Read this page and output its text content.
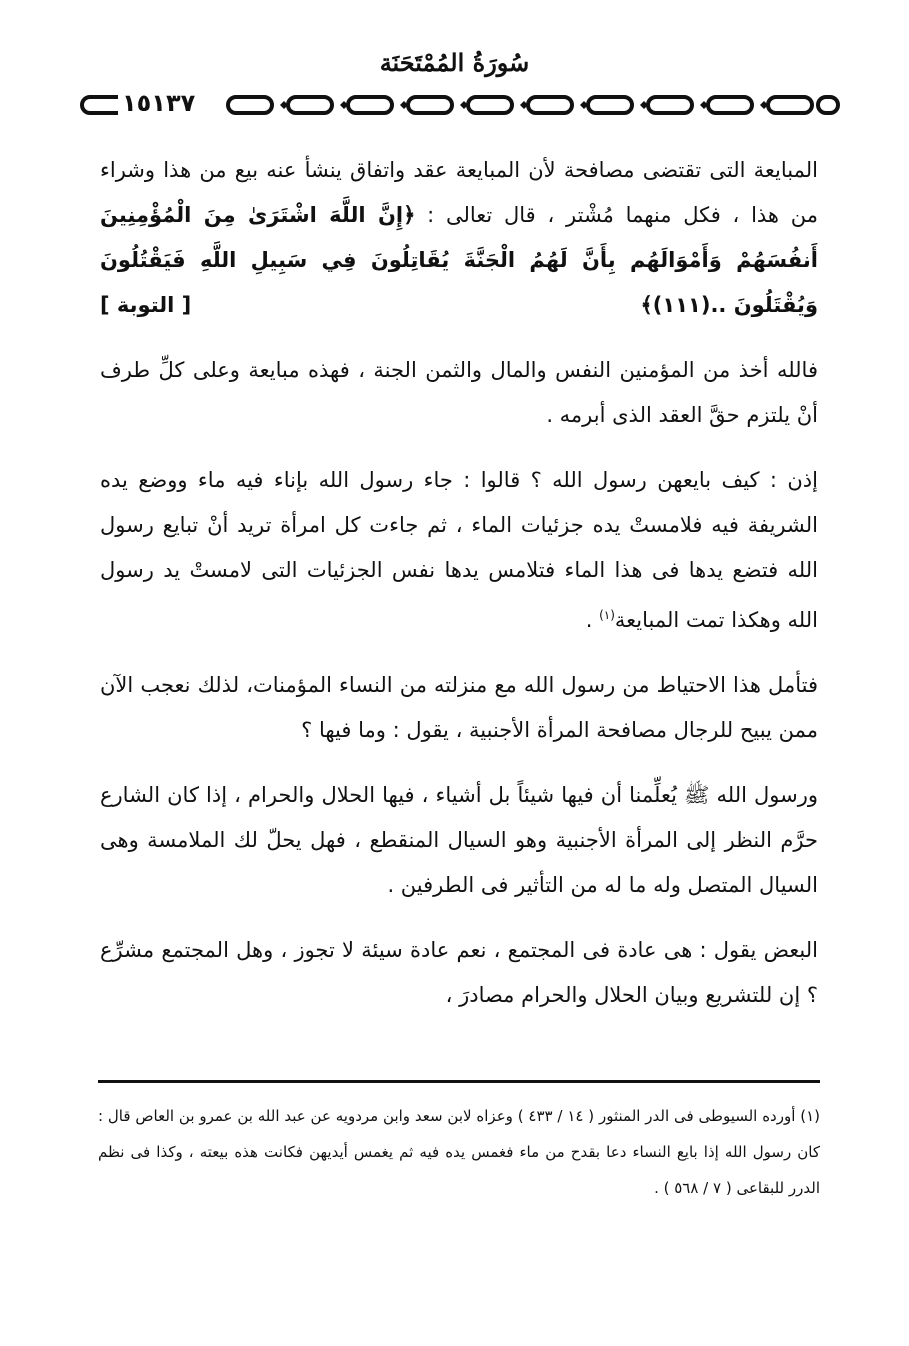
سُورَةُ المُمْتَحَنَة
١٥١٣٧

المبايعة التى تقتضى مصافحة لأن المبايعة عقد واتفاق ينشأ عنه بيع من هذا وشراء من هذا ، فكل منهما مُشْتر ، قال تعالى : ﴿إِنَّ اللَّهَ اشْتَرَىٰ مِنَ الْمُؤْمِنِينَ أَنفُسَهُمْ وَأَمْوَالَهُم بِأَنَّ لَهُمُ الْجَنَّةَ يُقَاتِلُونَ فِي سَبِيلِ اللَّهِ فَيَقْتُلُونَ وَيُقْتَلُونَ ..(١١١)﴾
[ التوبة ]

فالله أخذ من المؤمنين النفس والمال والثمن الجنة ، فهذه مبايعة وعلى كلِّ طرف أنْ يلتزم حقَّ العقد الذى أبرمه .

إذن : كيف بايعهن رسول الله ؟ قالوا : جاء رسول الله بإناء فيه ماء ووضع يده الشريفة فيه فلامستْ يده جزئيات الماء ، ثم جاءت كل امرأة تريد أنْ تبايع رسول الله فتضع يدها فى هذا الماء فتلامس يدها نفس الجزئيات التى لامستْ يد رسول الله وهكذا تمت المبايعة$^{(١)}$ .

فتأمل هذا الاحتياط من رسول الله مع منزلته من النساء المؤمنات، لذلك نعجب الآن ممن يبيح للرجال مصافحة المرأة الأجنبية ، يقول : وما فيها ؟

ورسول الله ﷺ يُعلِّمنا أن فيها شيئاً بل أشياء ، فيها الحلال والحرام ، إذا كان الشارع حرَّم النظر إلى المرأة الأجنبية وهو السيال المنقطع ، فهل يحلّ لك الملامسة وهى السيال المتصل وله ما له من التأثير فى الطرفين .

البعض يقول : هى عادة فى المجتمع ، نعم عادة سيئة لا تجوز ، وهل المجتمع مشرِّع ؟ إن للتشريع وبيان الحلال والحرام مصادرَ ،

(١) أورده السيوطى فى الدر المنثور ( ١٤ / ٤٣٣ ) وعزاه لابن سعد وابن مردويه عن عبد الله بن عمرو بن العاص قال : كان رسول الله إذا بايع النساء دعا بقدح من ماء فغمس يده فيه ثم يغمس أيديهن فكانت هذه بيعته ، وكذا فى نظم الدرر للبقاعى ( ٧ / ٥٦٨ ) .
